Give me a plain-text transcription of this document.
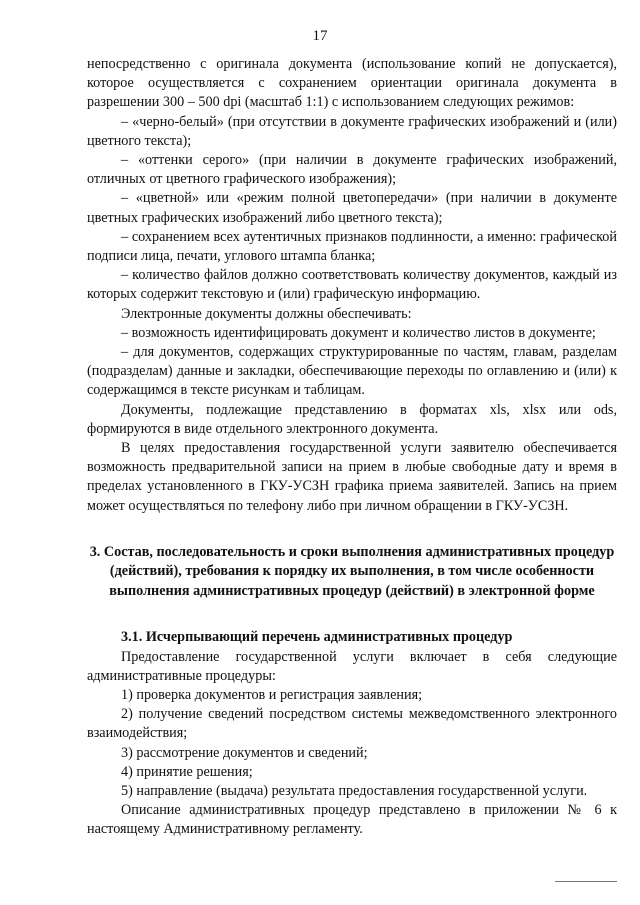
17

непосредственно с оригинала документа (использование копий не допускается), которое осуществляется с сохранением ориентации оригинала документа в разрешении 300 – 500 dpi (масштаб 1:1) с использованием следующих режимов:

– «черно-белый» (при отсутствии в документе графических изображений и (или) цветного текста);

– «оттенки серого» (при наличии в документе графических изображений, отличных от цветного графического изображения);

– «цветной» или «режим полной цветопередачи» (при наличии в документе цветных графических изображений либо цветного текста);

– сохранением всех аутентичных признаков подлинности, а именно: графической подписи лица, печати, углового штампа бланка;

– количество файлов должно соответствовать количеству документов, каждый из которых содержит текстовую и (или) графическую информацию.

Электронные документы должны обеспечивать:

– возможность идентифицировать документ и количество листов в документе;

– для документов, содержащих структурированные по частям, главам, разделам (подразделам) данные и закладки, обеспечивающие переходы по оглавлению и (или) к содержащимся в тексте рисункам и таблицам.

Документы, подлежащие представлению в форматах xls, xlsx или ods, формируются в виде отдельного электронного документа.

В целях предоставления государственной услуги заявителю обеспечивается возможность предварительной записи на прием в любые свободные дату и время в пределах установленного в ГКУ-УСЗН графика приема заявителей. Запись на прием может осуществляться по телефону либо при личном обращении в ГКУ-УСЗН.

3. Состав, последовательность и сроки выполнения административных процедур (действий), требования к порядку их выполнения, в том числе особенности выполнения административных процедур (действий) в электронной форме

3.1. Исчерпывающий перечень административных процедур

Предоставление государственной услуги включает в себя следующие административные процедуры:

1) проверка документов и регистрация заявления;

2) получение сведений посредством системы межведомственного электронного взаимодействия;

3) рассмотрение документов и сведений;

4) принятие решения;

5) направление (выдача) результата предоставления государственной услуги.

Описание административных процедур представлено в приложении № 6 к настоящему Административному регламенту.
